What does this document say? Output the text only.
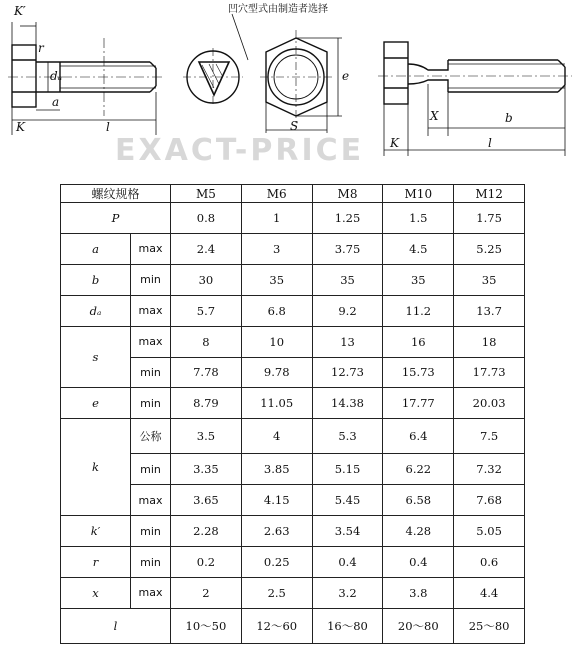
EXACT-PRICE
K′
r
dₐ
a
K	l
凹穴型式由制造者选择
S
e
X	b
K	l
螺纹规格		M5	M6	M8	M10	M12
P		0.8	1	1.25	1.5	1.75
a	max	2.4	3	3.75	4.5	5.25
b	min	30	35	35	35	35
dₐ	max	5.7	6.8	9.2	11.2	13.7
s	max	8	10	13	16	18
	min	7.78	9.78	12.73	15.73	17.73
e	min	8.79	11.05	14.38	17.77	20.03
k	公称	3.5	4	5.3	6.4	7.5
	min	3.35	3.85	5.15	6.22	7.32
	max	3.65	4.15	5.45	6.58	7.68
k′	min	2.28	2.63	3.54	4.28	5.05
r	min	0.2	0.25	0.4	0.4	0.6
x	max	2	2.5	3.2	3.8	4.4
l		10～50	12～60	16～80	20～80	25～80
